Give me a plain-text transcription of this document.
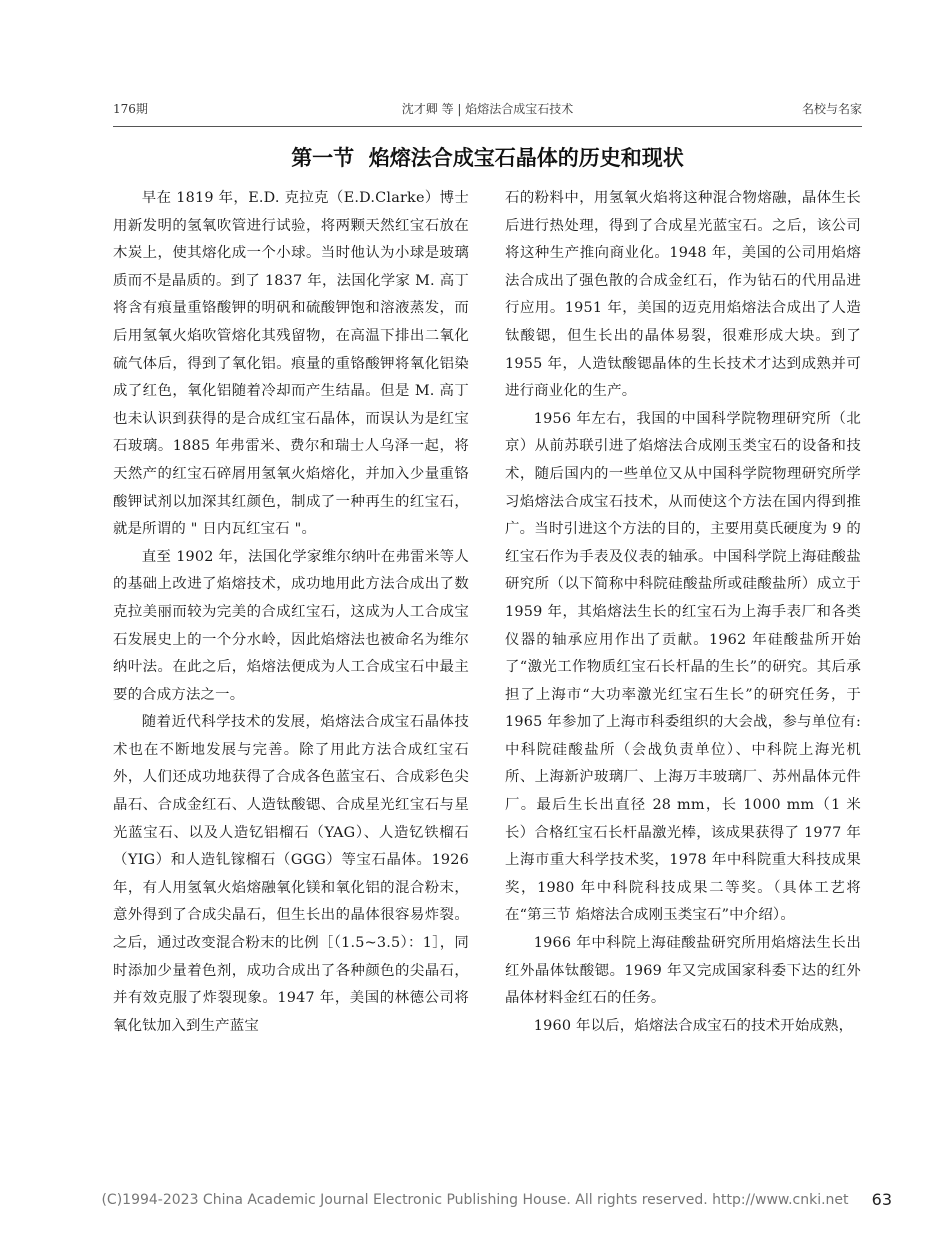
176期	沈才卿 等 | 焰熔法合成宝石技术	名校与名家
第一节  焰熔法合成宝石晶体的历史和现状

早在 1819 年，E.D. 克拉克（E.D.Clarke）博士用新发明的氢氧吹管进行试验，将两颗天然红宝石放在木炭上，使其熔化成一个小球。当时他认为小球是玻璃质而不是晶质的。到了 1837 年，法国化学家 M. 高丁将含有痕量重铬酸钾的明矾和硫酸钾饱和溶液蒸发，而后用氢氧火焰吹管熔化其残留物，在高温下排出二氧化硫气体后，得到了氧化铝。痕量的重铬酸钾将氧化铝染成了红色，氧化铝随着冷却而产生结晶。但是 M. 高丁也未认识到获得的是合成红宝石晶体，而误认为是红宝石玻璃。1885 年弗雷米、费尔和瑞士人乌泽一起，将天然产的红宝石碎屑用氢氧火焰熔化，并加入少量重铬酸钾试剂以加深其红颜色，制成了一种再生的红宝石，就是所谓的 " 日内瓦红宝石 "。

直至 1902 年，法国化学家维尔纳叶在弗雷米等人的基础上改进了焰熔技术，成功地用此方法合成出了数克拉美丽而较为完美的合成红宝石，这成为人工合成宝石发展史上的一个分水岭，因此焰熔法也被命名为维尔纳叶法。在此之后，焰熔法便成为人工合成宝石中最主要的合成方法之一。

随着近代科学技术的发展，焰熔法合成宝石晶体技术也在不断地发展与完善。除了用此方法合成红宝石外，人们还成功地获得了合成各色蓝宝石、合成彩色尖晶石、合成金红石、人造钛酸锶、合成星光红宝石与星光蓝宝石、以及人造钇铝榴石（YAG）、人造钇铁榴石（YIG）和人造钆镓榴石（GGG）等宝石晶体。1926 年，有人用氢氧火焰熔融氧化镁和氧化铝的混合粉末，意外得到了合成尖晶石，但生长出的晶体很容易炸裂。之后，通过改变混合粉末的比例［（1.5~3.5）：1］，同时添加少量着色剂，成功合成出了各种颜色的尖晶石，并有效克服了炸裂现象。1947 年，美国的林德公司将氧化钛加入到生产蓝宝

石的粉料中，用氢氧火焰将这种混合物熔融，晶体生长后进行热处理，得到了合成星光蓝宝石。之后，该公司将这种生产推向商业化。1948 年，美国的公司用焰熔法合成出了强色散的合成金红石，作为钻石的代用品进行应用。1951 年，美国的迈克用焰熔法合成出了人造钛酸锶，但生长出的晶体易裂，很难形成大块。到了 1955 年，人造钛酸锶晶体的生长技术才达到成熟并可进行商业化的生产。

1956 年左右，我国的中国科学院物理研究所（北京）从前苏联引进了焰熔法合成刚玉类宝石的设备和技术，随后国内的一些单位又从中国科学院物理研究所学习焰熔法合成宝石技术，从而使这个方法在国内得到推广。当时引进这个方法的目的，主要用莫氏硬度为 9 的红宝石作为手表及仪表的轴承。中国科学院上海硅酸盐研究所（以下简称中科院硅酸盐所或硅酸盐所）成立于 1959 年，其焰熔法生长的红宝石为上海手表厂和各类仪器的轴承应用作出了贡献。1962 年硅酸盐所开始了“激光工作物质红宝石长杆晶的生长”的研究。其后承担了上海市“大功率激光红宝石生长”的研究任务，于 1965 年参加了上海市科委组织的大会战，参与单位有: 中科院硅酸盐所（会战负责单位）、中科院上海光机所、上海新沪玻璃厂、上海万丰玻璃厂、苏州晶体元件厂。最后生长出直径 28 mm，长 1000 mm（1 米长）合格红宝石长杆晶激光棒，该成果获得了 1977 年上海市重大科学技术奖，1978 年中科院重大科技成果奖，1980 年中科院科技成果二等奖。（具体工艺将在“第三节 焰熔法合成刚玉类宝石”中介绍）。

1966 年中科院上海硅酸盐研究所用焰熔法生长出红外晶体钛酸锶。1969 年又完成国家科委下达的红外晶体材料金红石的任务。

1960 年以后，焰熔法合成宝石的技术开始成熟，

(C)1994-2023 China Academic Journal Electronic Publishing House. All rights reserved. http://www.cnki.net	63
